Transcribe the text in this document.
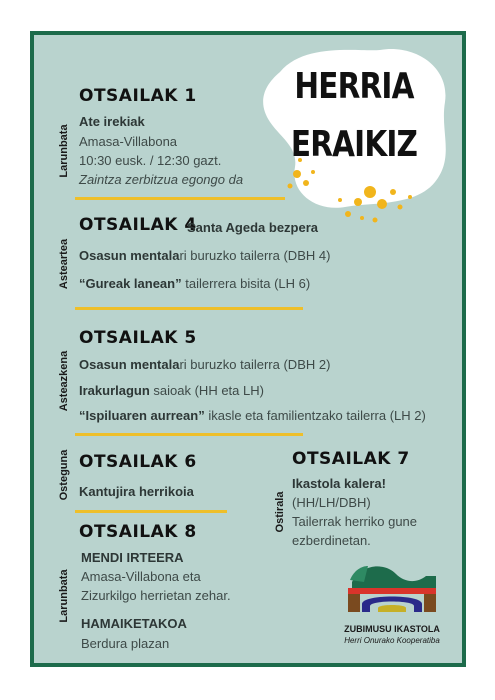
HERRIA
ERAIKIZ
OTSAILAK 1
Ate irekiak
Amasa-Villabona
10:30 eusk. / 12:30 gazt.
Zaintza zerbitzua egongo da
Larunbata
OTSAILAK 4
Santa Ageda bezpera
Osasun mentalari buruzko tailerra (DBH 4)
“Gureak lanean” tailerrera bisita (LH 6)
Asteartea
OTSAILAK 5
Osasun mentalari buruzko tailerra (DBH 2)
Irakurlagun saioak (HH eta LH)
“Ispiluaren aurrean” ikasle eta familientzako tailerra (LH 2)
Asteazkena
OTSAILAK 6
Kantujira herrikoia
Osteguna	OTSAILAK 7
Ikastola kalera!
(HH/LH/DBH)
Tailerrak herriko gune
ezberdinetan.
Ostirala
OTSAILAK 8
MENDI IRTEERA
Amasa-Villabona eta
Zizurkilgo herrietan zehar.
HAMAIKETAKOA
Berdura plazan
Larunbata
ZUBIMUSU IKASTOLA
Herri Onurako Kooperatiba
